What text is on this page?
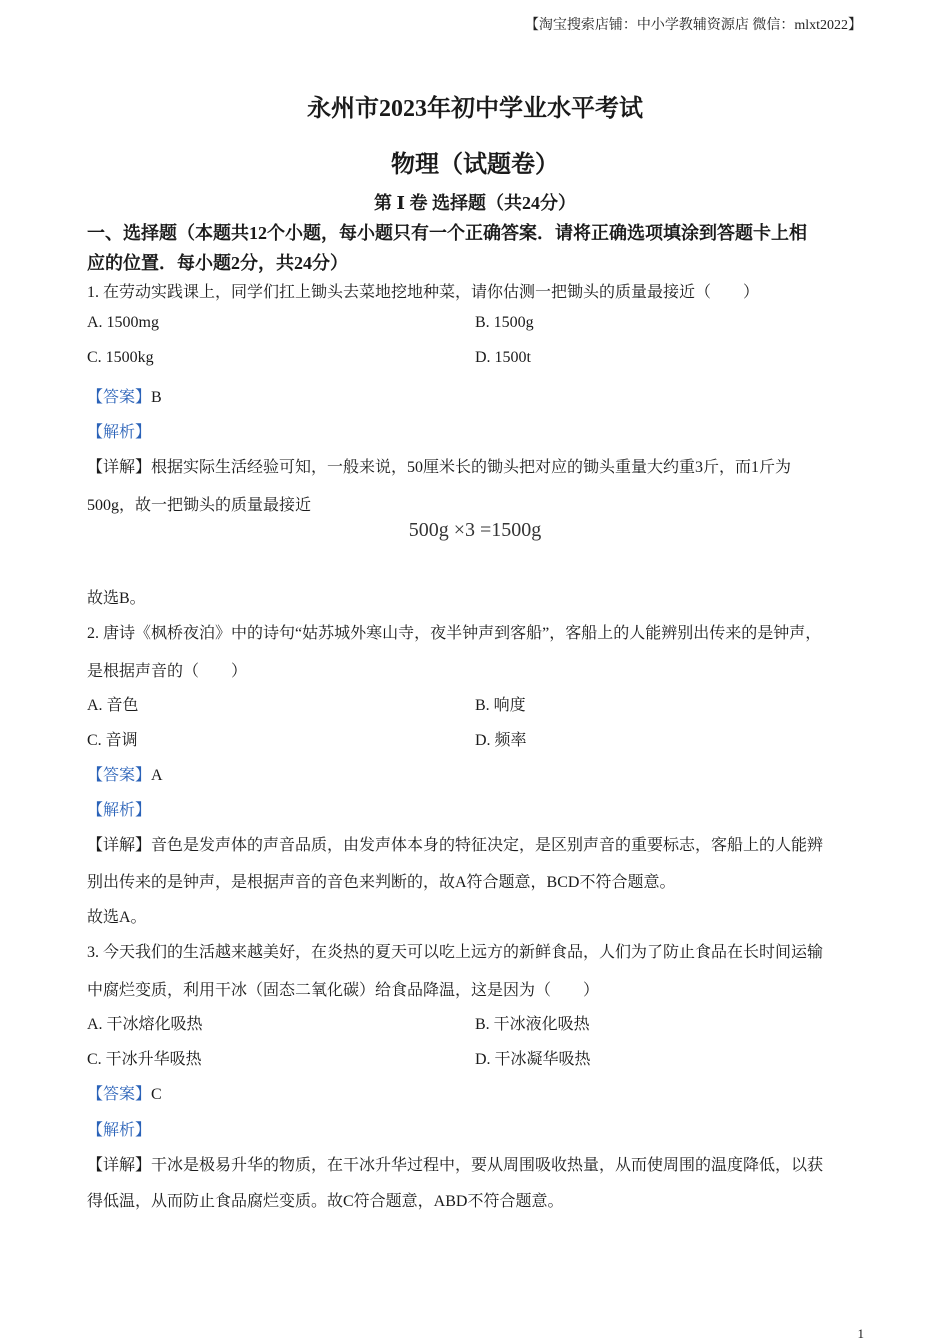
【淘宝搜索店铺：中小学教辅资源店 微信：mlxt2022】
永州市2023年初中学业水平考试
物理（试题卷）
第 Ⅰ 卷 选择题（共24分）
一、选择题（本题共12个小题，每小题只有一个正确答案．请将正确选项填涂到答题卡上相
应的位置．每小题2分，共24分）
1. 在劳动实践课上，同学们扛上锄头去菜地挖地种菜，请你估测一把锄头的质量最接近（　　）
A. 1500mg	B. 1500g
C. 1500kg	D. 1500t
【答案】B
【解析】
【详解】根据实际生活经验可知，一般来说，50厘米长的锄头把对应的锄头重量大约重3斤，而1斤为
500g，故一把锄头的质量最接近
500g ×3 =1500g
故选B。
2. 唐诗《枫桥夜泊》中的诗句“姑苏城外寒山寺，夜半钟声到客船”，客船上的人能辨别出传来的是钟声，
是根据声音的（　　）
A. 音色	B. 响度
C. 音调	D. 频率
【答案】A
【解析】
【详解】音色是发声体的声音品质，由发声体本身的特征决定，是区别声音的重要标志，客船上的人能辨
别出传来的是钟声，是根据声音的音色来判断的，故A符合题意，BCD不符合题意。
故选A。
3. 今天我们的生活越来越美好，在炎热的夏天可以吃上远方的新鲜食品，人们为了防止食品在长时间运输
中腐烂变质，利用干冰（固态二氧化碳）给食品降温，这是因为（　　）
A. 干冰熔化吸热	B. 干冰液化吸热
C. 干冰升华吸热	D. 干冰凝华吸热
【答案】C
【解析】
【详解】干冰是极易升华的物质，在干冰升华过程中，要从周围吸收热量，从而使周围的温度降低，以获
得低温，从而防止食品腐烂变质。故C符合题意，ABD不符合题意。
1
